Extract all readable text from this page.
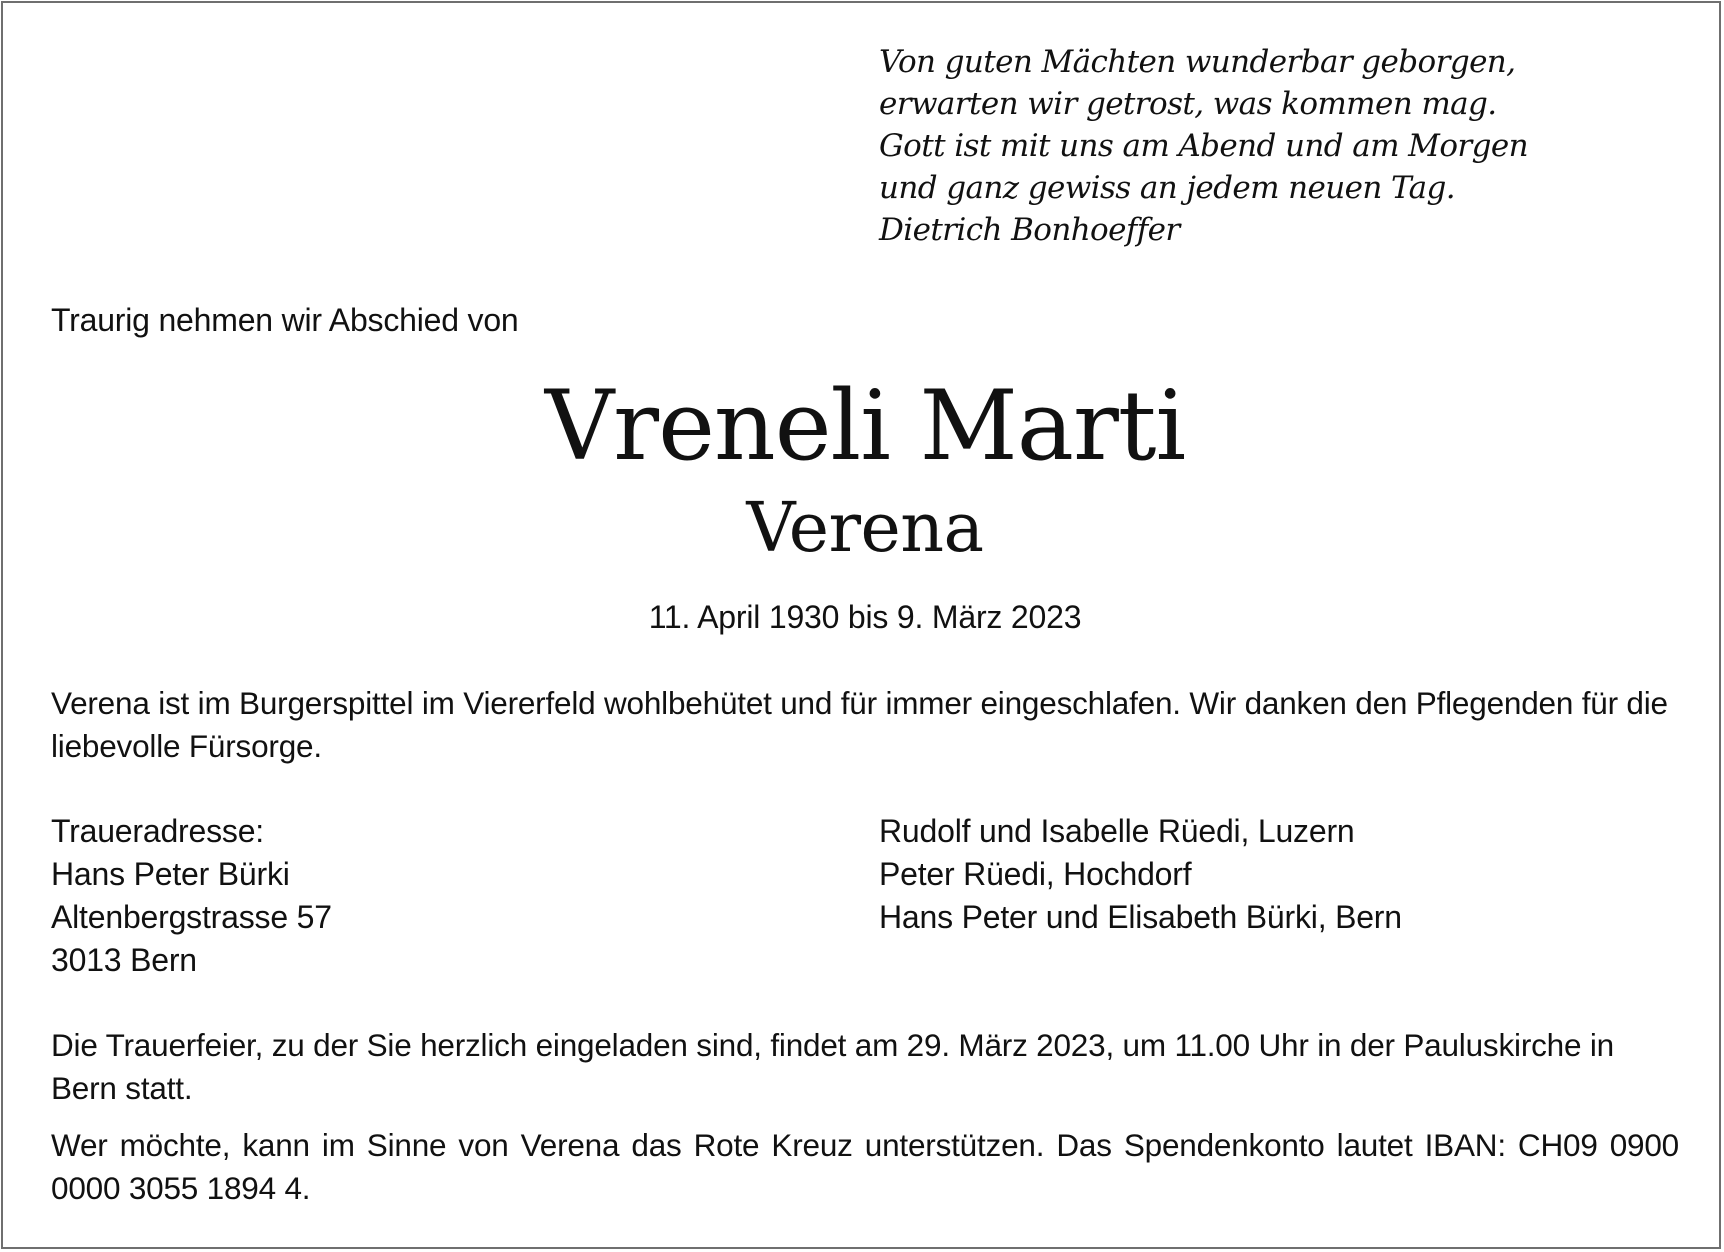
Von guten Mächten wunderbar geborgen,
erwarten wir getrost, was kommen mag.
Gott ist mit uns am Abend und am Morgen
und ganz gewiss an jedem neuen Tag.
Dietrich Bonhoeffer
Traurig nehmen wir Abschied von
Vreneli Marti
Verena
11. April 1930 bis 9. März 2023
Verena ist im Burgerspittel im Viererfeld wohlbehütet und für immer eingeschlafen. Wir danken den Pflegenden für die liebevolle Fürsorge.
Traueradresse:
Hans Peter Bürki
Altenbergstrasse 57
3013 Bern
Rudolf und Isabelle Rüedi, Luzern
Peter Rüedi, Hochdorf
Hans Peter und Elisabeth Bürki, Bern
Die Trauerfeier, zu der Sie herzlich eingeladen sind, findet am 29. März 2023, um 11.00 Uhr in der Pauluskirche in Bern statt.
Wer möchte, kann im Sinne von Verena das Rote Kreuz unterstützen. Das Spendenkonto lautet IBAN: CH09 0900 0000 3055 1894 4.
